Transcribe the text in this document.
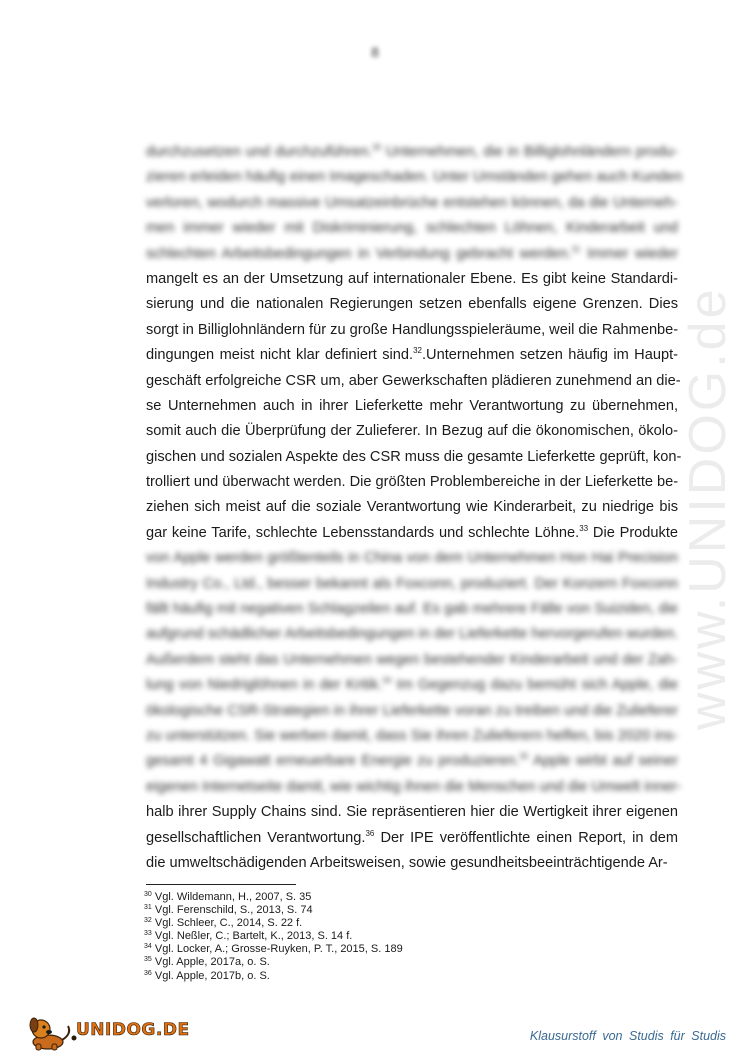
8
www.UNIDOG.de
durchzusetzen und durchzuführen.$^{30}$ Unternehmen, die in Billiglohnländern produ-
zieren erleiden häufig einen Imageschaden. Unter Umständen gehen auch Kunden
verloren, wodurch massive Umsatzeinbrüche entstehen können, da die Unterneh-
men immer wieder mit Diskriminierung, schlechten Löhnen, Kinderarbeit und
schlechten Arbeitsbedingungen in Verbindung gebracht werden.$^{31}$ Immer wieder
mangelt es an der Umsetzung auf internationaler Ebene. Es gibt keine Standardi-
sierung und die nationalen Regierungen setzen ebenfalls eigene Grenzen. Dies
sorgt in Billiglohnländern für zu große Handlungsspieleräume, weil die Rahmenbe-
dingungen meist nicht klar definiert sind.$^{32}$.Unternehmen setzen häufig im Haupt-
geschäft erfolgreiche CSR um, aber Gewerkschaften plädieren zunehmend an die-
se Unternehmen auch in ihrer Lieferkette mehr Verantwortung zu übernehmen,
somit auch die Überprüfung der Zulieferer. In Bezug auf die ökonomischen, ökolo-
gischen und sozialen Aspekte des CSR muss die gesamte Lieferkette geprüft, kon-
trolliert und überwacht werden. Die größten Problembereiche in der Lieferkette be-
ziehen sich meist auf die soziale Verantwortung wie Kinderarbeit, zu niedrige bis
gar keine Tarife, schlechte Lebensstandards und schlechte Löhne.$^{33}$ Die Produkte
von Apple werden größtenteils in China von dem Unternehmen Hon Hai Precision
Industry Co., Ltd., besser bekannt als Foxconn, produziert. Der Konzern Foxconn
fällt häufig mit negativen Schlagzeilen auf. Es gab mehrere Fälle von Suiziden, die
aufgrund schädlicher Arbeitsbedingungen in der Lieferkette hervorgerufen wurden.
Außerdem steht das Unternehmen wegen bestehender Kinderarbeit und der Zah-
lung von Niedriglöhnen in der Kritik.$^{34}$ Im Gegenzug dazu bemüht sich Apple, die
ökologische CSR-Strategien in ihrer Lieferkette voran zu treiben und die Zulieferer
zu unterstützen. Sie werben damit, dass Sie ihren Zulieferern helfen, bis 2020 ins-
gesamt 4 Gigawatt erneuerbare Energie zu produzieren.$^{35}$ Apple wirbt auf seiner
eigenen Internetseite damit, wie wichtig ihnen die Menschen und die Umwelt inner-
halb ihrer Supply Chains sind. Sie repräsentieren hier die Wertigkeit ihrer eigenen
gesellschaftlichen Verantwortung.$^{36}$ Der IPE veröffentlichte einen Report, in dem
die umweltschädigenden Arbeitsweisen, sowie gesundheitsbeeinträchtigende Ar-
$^{30}$ Vgl. Wildemann, H., 2007, S. 35
$^{31}$ Vgl. Ferenschild, S., 2013, S. 74
$^{32}$ Vgl. Schleer, C., 2014, S. 22 f.
$^{33}$ Vgl. Neßler, C.; Bartelt, K., 2013, S. 14 f.
$^{34}$ Vgl. Locker, A.; Grosse-Ruyken, P. T., 2015, S. 189
$^{35}$ Vgl. Apple, 2017a, o. S.
$^{36}$ Vgl. Apple, 2017b, o. S.
UNIDOG.DE	Klausurstoff von Studis für Studis
